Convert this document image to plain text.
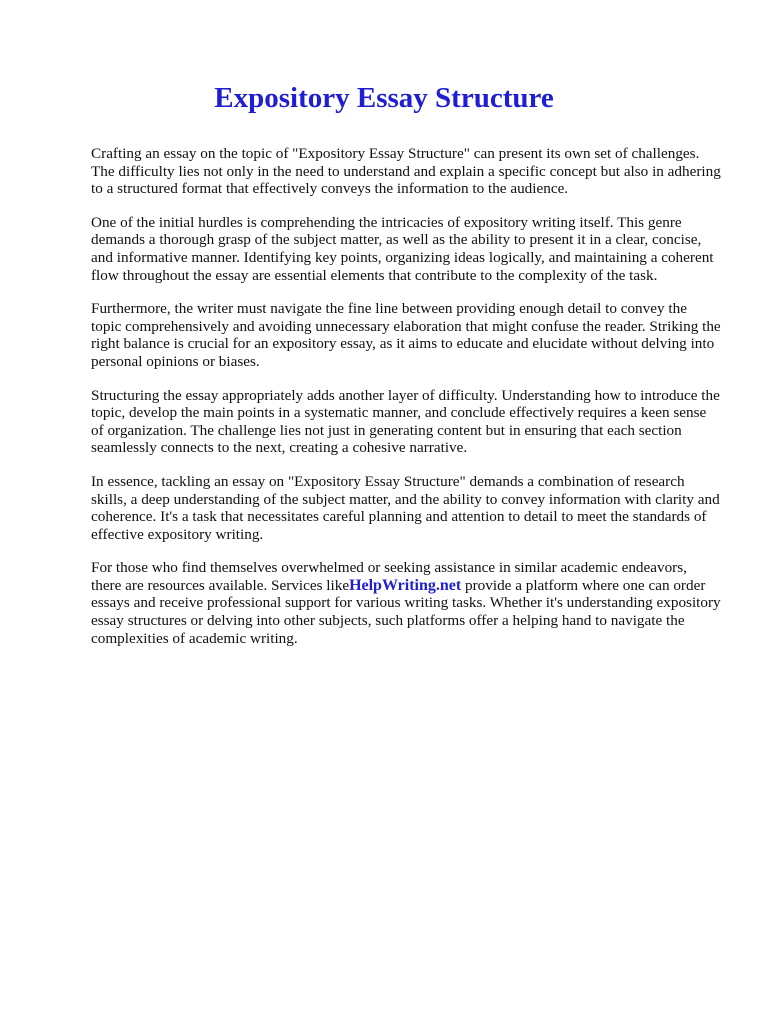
Expository Essay Structure

Crafting an essay on the topic of "Expository Essay Structure" can present its own set of challenges. The difficulty lies not only in the need to understand and explain a specific concept but also in adhering to a structured format that effectively conveys the information to the audience.

One of the initial hurdles is comprehending the intricacies of expository writing itself. This genre demands a thorough grasp of the subject matter, as well as the ability to present it in a clear, concise, and informative manner. Identifying key points, organizing ideas logically, and maintaining a coherent flow throughout the essay are essential elements that contribute to the complexity of the task.

Furthermore, the writer must navigate the fine line between providing enough detail to convey the topic comprehensively and avoiding unnecessary elaboration that might confuse the reader. Striking the right balance is crucial for an expository essay, as it aims to educate and elucidate without delving into personal opinions or biases.

Structuring the essay appropriately adds another layer of difficulty. Understanding how to introduce the topic, develop the main points in a systematic manner, and conclude effectively requires a keen sense of organization. The challenge lies not just in generating content but in ensuring that each section seamlessly connects to the next, creating a cohesive narrative.

In essence, tackling an essay on "Expository Essay Structure" demands a combination of research skills, a deep understanding of the subject matter, and the ability to convey information with clarity and coherence. It's a task that necessitates careful planning and attention to detail to meet the standards of effective expository writing.

For those who find themselves overwhelmed or seeking assistance in similar academic endeavors, there are resources available. Services likeHelpWriting.net provide a platform where one can order essays and receive professional support for various writing tasks. Whether it's understanding expository essay structures or delving into other subjects, such platforms offer a helping hand to navigate the complexities of academic writing.
